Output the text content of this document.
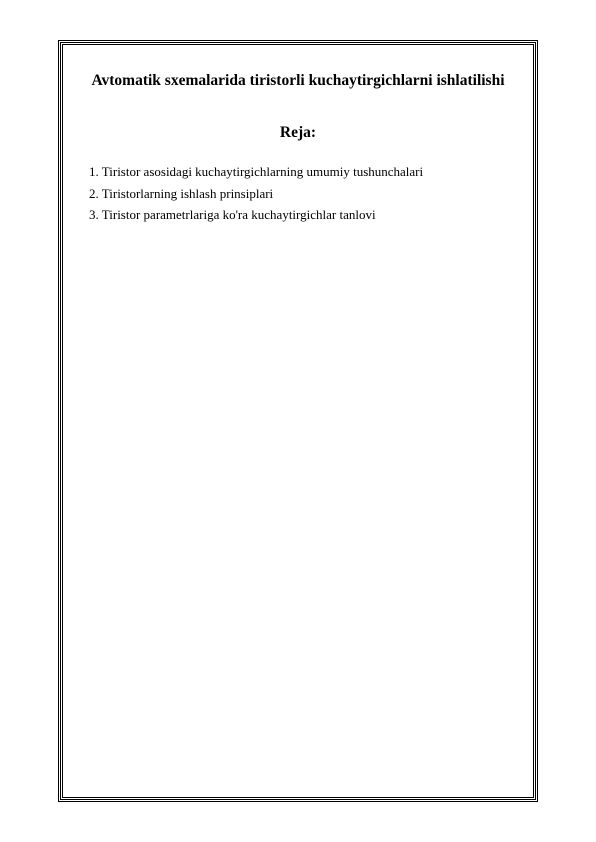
Avtomatik sxemalarida tiristorli kuchaytirgichlarni ishlatilishi
Reja:
1. Tiristor asosidagi kuchaytirgichlarning umumiy tushunchalari
2. Tiristorlarning ishlash prinsiplari
3. Tiristor parametrlariga ko'ra kuchaytirgichlar tanlovi
